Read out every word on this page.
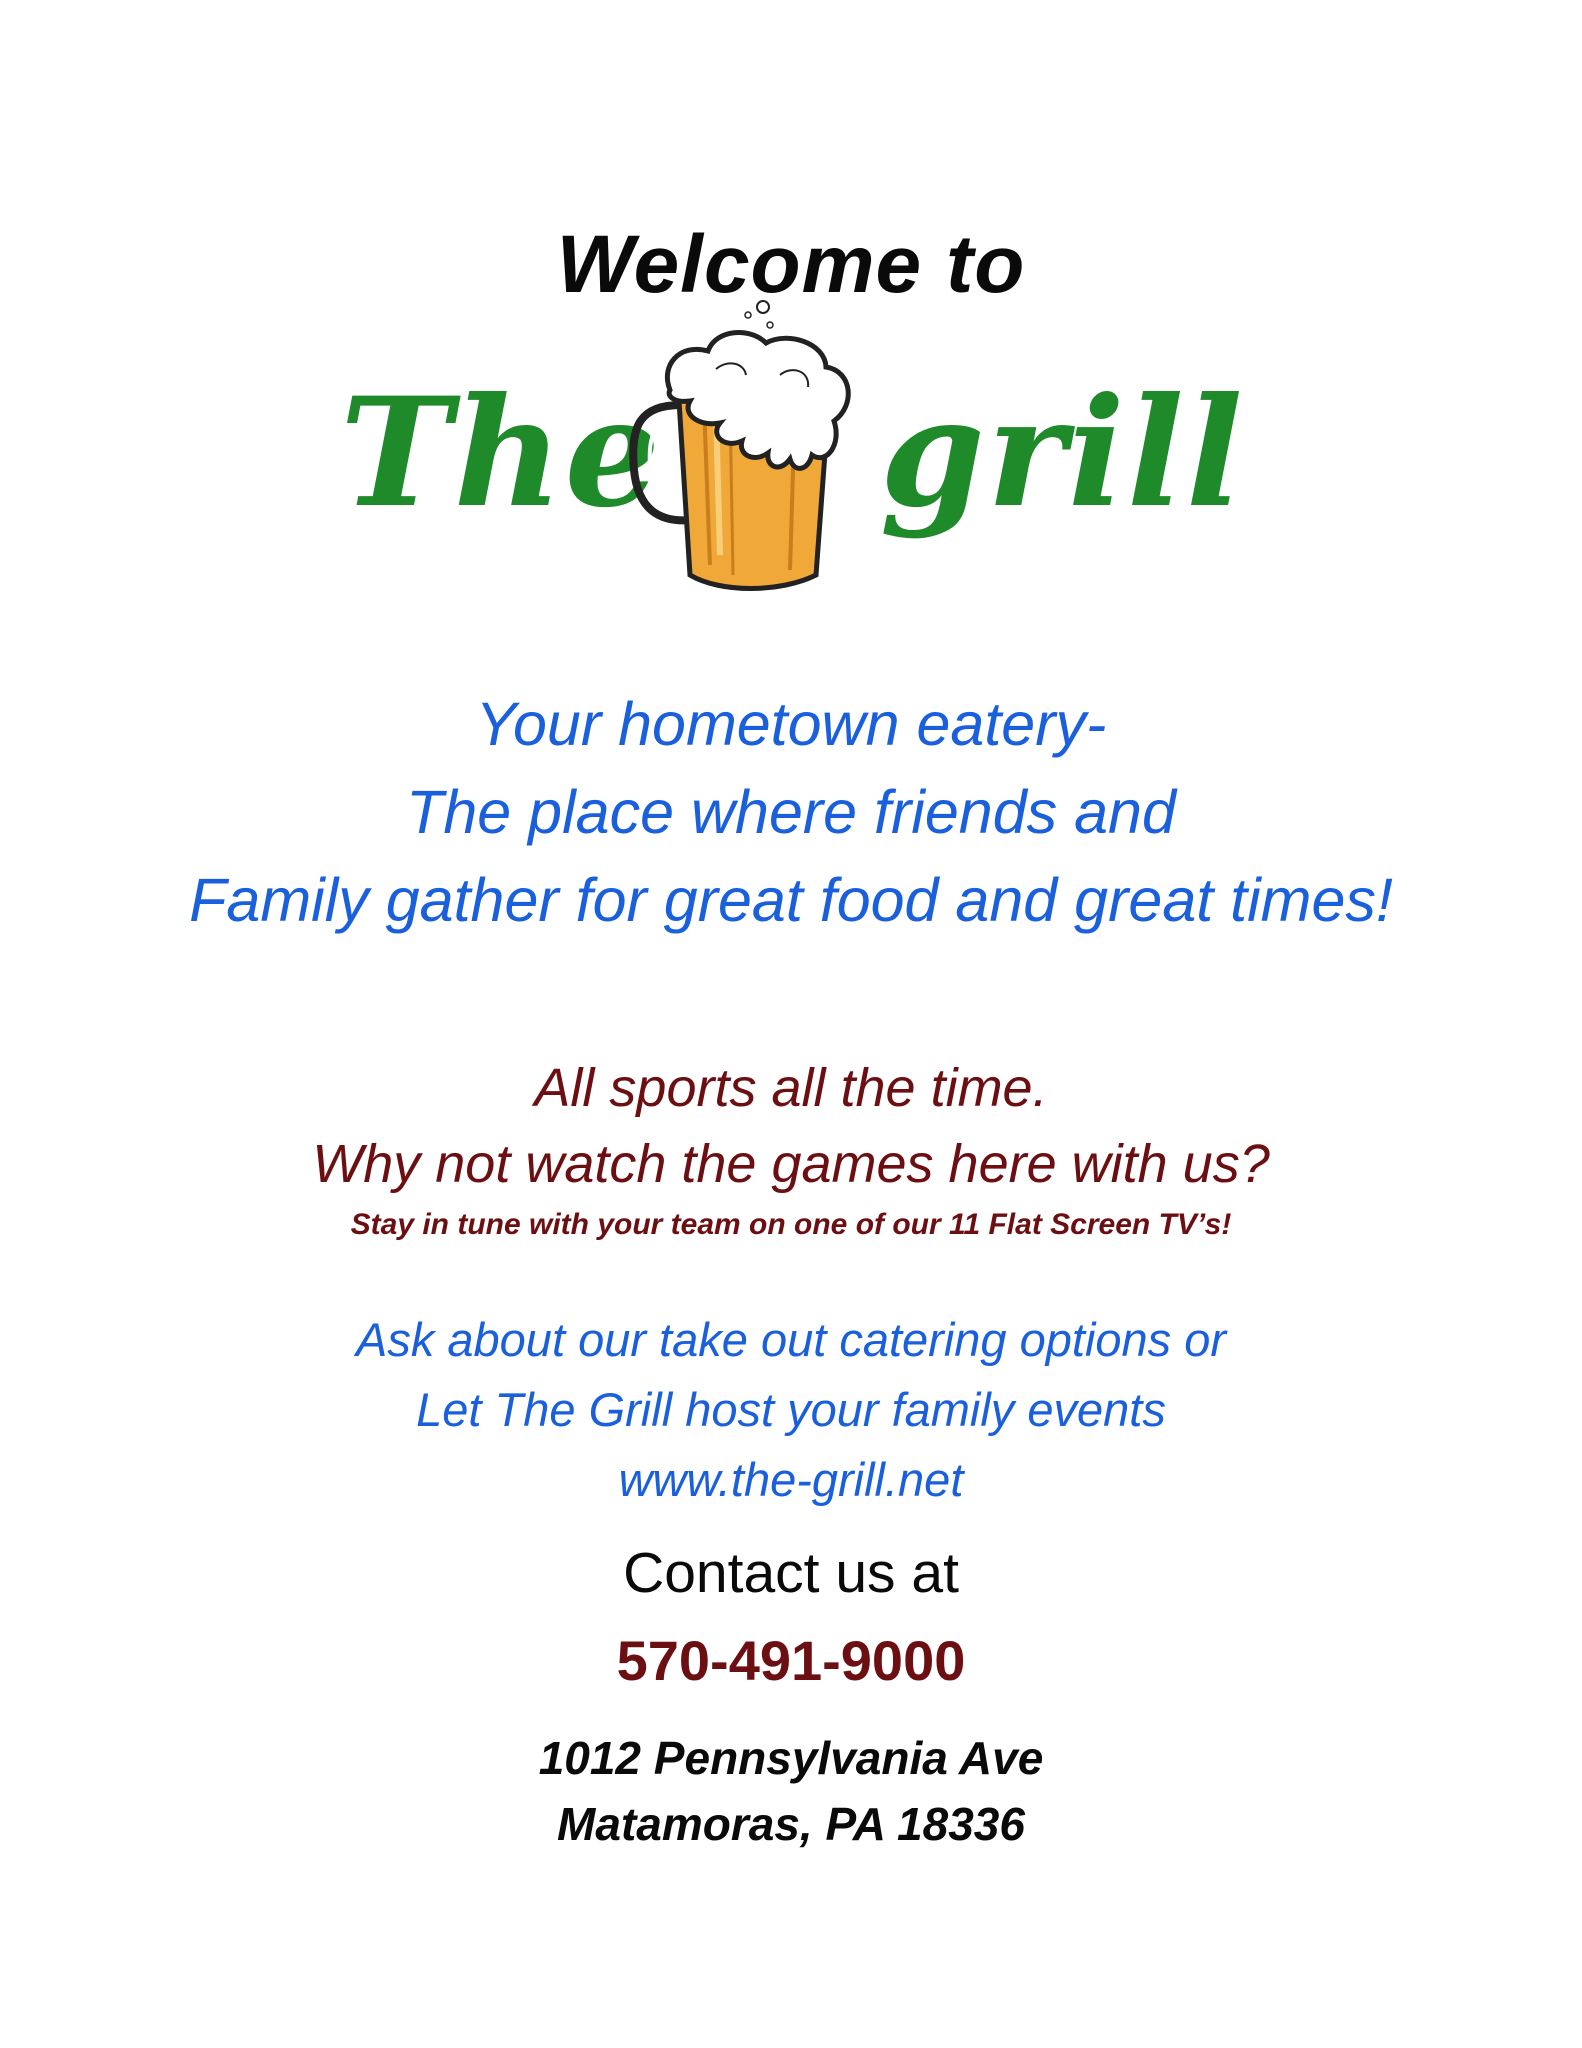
Welcome to
The grill
Your hometown eatery-
The place where friends and
Family gather for great food and great times!
All sports all the time.
Why not watch the games here with us?
Stay in tune with your team on one of our 11 Flat Screen TV’s!
Ask about our take out catering options or
Let The Grill host your family events
www.the-grill.net
Contact us at
570-491-9000
1012 Pennsylvania Ave
Matamoras, PA 18336
